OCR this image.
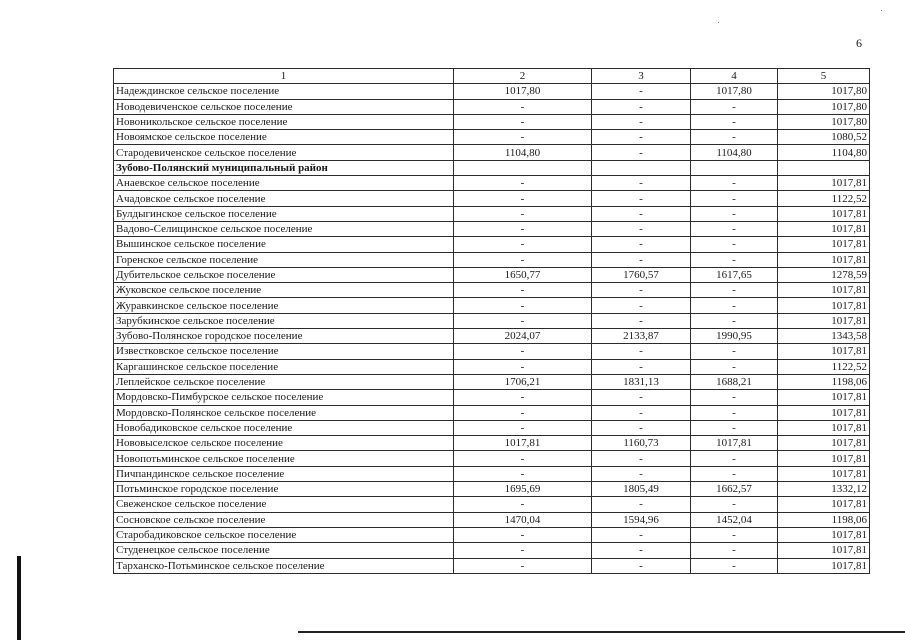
6
1	2	3	4	5
Надеждинское сельское поселение	1017,80	-	1017,80	1017,80
Новодевиченское сельское поселение	-	-	-	1017,80
Новоникольское сельское поселение	-	-	-	1017,80
Новоямское сельское поселение	-	-	-	1080,52
Стародевиченское сельское поселение	1104,80	-	1104,80	1104,80
Зубово-Полянский муниципальный район				
Анаевское сельское поселение	-	-	-	1017,81
Ачадовское сельское поселение	-	-	-	1122,52
Булдыгинское сельское поселение	-	-	-	1017,81
Вадово-Селищинское сельское поселение	-	-	-	1017,81
Вышинское сельское поселение	-	-	-	1017,81
Горенское сельское поселение	-	-	-	1017,81
Дубительское сельское поселение	1650,77	1760,57	1617,65	1278,59
Жуковское сельское поселение	-	-	-	1017,81
Журавкинское сельское поселение	-	-	-	1017,81
Зарубкинское сельское поселение	-	-	-	1017,81
Зубово-Полянское городское поселение	2024,07	2133,87	1990,95	1343,58
Известковское сельское поселение	-	-	-	1017,81
Каргашинское сельское поселение	-	-	-	1122,52
Леплейское сельское поселение	1706,21	1831,13	1688,21	1198,06
Мордовско-Пимбурское сельское поселение	-	-	-	1017,81
Мордовско-Полянское сельское поселение	-	-	-	1017,81
Новобадиковское сельское поселение	-	-	-	1017,81
Нововыселское сельское поселение	1017,81	1160,73	1017,81	1017,81
Новопотьминское сельское поселение	-	-	-	1017,81
Пичпандинское сельское поселение	-	-	-	1017,81
Потьминское городское поселение	1695,69	1805,49	1662,57	1332,12
Свеженское сельское поселение	-	-	-	1017,81
Сосновское сельское поселение	1470,04	1594,96	1452,04	1198,06
Старобадиковское сельское поселение	-	-	-	1017,81
Студенецкое сельское поселение	-	-	-	1017,81
Тарханско-Потьминское сельское поселение	-	-	-	1017,81
